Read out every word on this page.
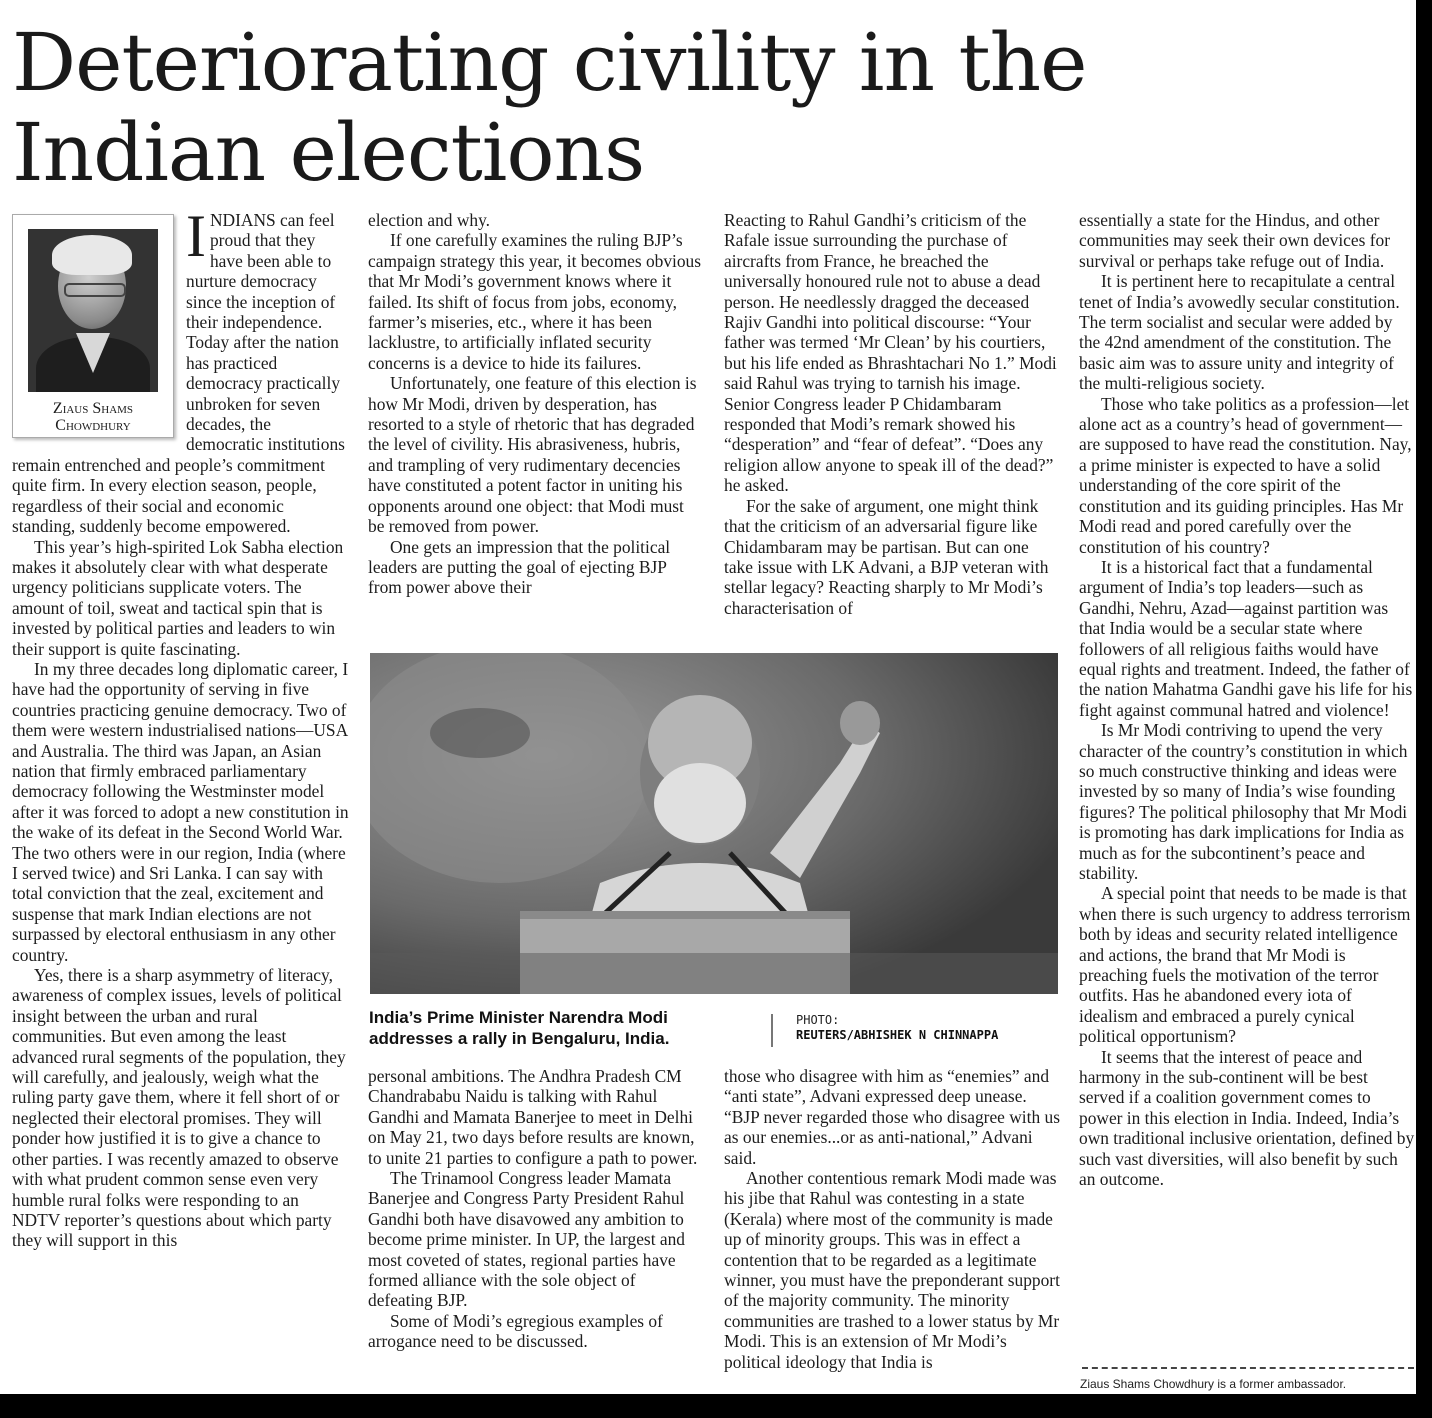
Deteriorating civility in the Indian elections
Ziaus Shams
Chowdhury

INDIANS can feel proud that they have been able to nurture democracy since the inception of their independence. Today after the nation has practiced democracy practically unbroken for seven decades, the democratic institutions remain entrenched and people’s commitment quite firm. In every election season, people, regardless of their social and economic standing, suddenly become empowered.

This year’s high-spirited Lok Sabha election makes it absolutely clear with what desperate urgency politicians supplicate voters. The amount of toil, sweat and tactical spin that is invested by political parties and leaders to win their support is quite fascinating.

In my three decades long diplomatic career, I have had the opportunity of serving in five countries practicing genuine democracy. Two of them were western industrialised nations—USA and Australia. The third was Japan, an Asian nation that firmly embraced parliamentary democracy following the Westminster model after it was forced to adopt a new constitution in the wake of its defeat in the Second World War. The two others were in our region, India (where I served twice) and Sri Lanka. I can say with total conviction that the zeal, excitement and suspense that mark Indian elections are not surpassed by electoral enthusiasm in any other country.

Yes, there is a sharp asymmetry of literacy, awareness of complex issues, levels of political insight between the urban and rural communities. But even among the least advanced rural segments of the population, they will carefully, and jealously, weigh what the ruling party gave them, where it fell short of or neglected their electoral promises. They will ponder how justified it is to give a chance to other parties. I was recently amazed to observe with what prudent common sense even very humble rural folks were responding to an NDTV reporter’s questions about which party they will support in this

election and why.

If one carefully examines the ruling BJP’s campaign strategy this year, it becomes obvious that Mr Modi’s government knows where it failed. Its shift of focus from jobs, economy, farmer’s miseries, etc., where it has been lacklustre, to artificially inflated security concerns is a device to hide its failures.

Unfortunately, one feature of this election is how Mr Modi, driven by desperation, has resorted to a style of rhetoric that has degraded the level of civility. His abrasiveness, hubris, and trampling of very rudimentary decencies have constituted a potent factor in uniting his opponents around one object: that Modi must be removed from power.

One gets an impression that the political leaders are putting the goal of ejecting BJP from power above their

Reacting to Rahul Gandhi’s criticism of the Rafale issue surrounding the purchase of aircrafts from France, he breached the universally honoured rule not to abuse a dead person. He needlessly dragged the deceased Rajiv Gandhi into political discourse: “Your father was termed ‘Mr Clean’ by his courtiers, but his life ended as Bhrashtachari No 1.” Modi said Rahul was trying to tarnish his image. Senior Congress leader P Chidambaram responded that Modi’s remark showed his “desperation” and “fear of defeat”. “Does any religion allow anyone to speak ill of the dead?” he asked.

For the sake of argument, one might think that the criticism of an adversarial figure like Chidambaram may be partisan. But can one take issue with LK Advani, a BJP veteran with stellar legacy? Reacting sharply to Mr Modi’s characterisation of

India’s Prime Minister Narendra Modi addresses a rally in Bengaluru, India.
PHOTO:
REUTERS/ABHISHEK N CHINNAPPA

personal ambitions. The Andhra Pradesh CM Chandrababu Naidu is talking with Rahul Gandhi and Mamata Banerjee to meet in Delhi on May 21, two days before results are known, to unite 21 parties to configure a path to power.

The Trinamool Congress leader Mamata Banerjee and Congress Party President Rahul Gandhi both have disavowed any ambition to become prime minister. In UP, the largest and most coveted of states, regional parties have formed alliance with the sole object of defeating BJP.

Some of Modi’s egregious examples of arrogance need to be discussed.

those who disagree with him as “enemies” and “anti state”, Advani expressed deep unease. “BJP never regarded those who disagree with us as our enemies...or as anti-national,” Advani said.

Another contentious remark Modi made was his jibe that Rahul was contesting in a state (Kerala) where most of the community is made up of minority groups. This was in effect a contention that to be regarded as a legitimate winner, you must have the preponderant support of the majority community. The minority communities are trashed to a lower status by Mr Modi. This is an extension of Mr Modi’s political ideology that India is

essentially a state for the Hindus, and other communities may seek their own devices for survival or perhaps take refuge out of India.

It is pertinent here to recapitulate a central tenet of India’s avowedly secular constitution. The term socialist and secular were added by the 42nd amendment of the constitution. The basic aim was to assure unity and integrity of the multi-religious society.

Those who take politics as a profession—let alone act as a country’s head of government—are supposed to have read the constitution. Nay, a prime minister is expected to have a solid understanding of the core spirit of the constitution and its guiding principles. Has Mr Modi read and pored carefully over the constitution of his country?

It is a historical fact that a fundamental argument of India’s top leaders—such as Gandhi, Nehru, Azad—against partition was that India would be a secular state where followers of all religious faiths would have equal rights and treatment. Indeed, the father of the nation Mahatma Gandhi gave his life for his fight against communal hatred and violence!

Is Mr Modi contriving to upend the very character of the country’s constitution in which so much constructive thinking and ideas were invested by so many of India’s wise founding figures? The political philosophy that Mr Modi is promoting has dark implications for India as much as for the subcontinent’s peace and stability.

A special point that needs to be made is that when there is such urgency to address terrorism both by ideas and security related intelligence and actions, the brand that Mr Modi is preaching fuels the motivation of the terror outfits. Has he abandoned every iota of idealism and embraced a purely cynical political opportunism?

It seems that the interest of peace and harmony in the sub-continent will be best served if a coalition government comes to power in this election in India. Indeed, India’s own traditional inclusive orientation, defined by such vast diversities, will also benefit by such an outcome.

Ziaus Shams Chowdhury is a former ambassador.
